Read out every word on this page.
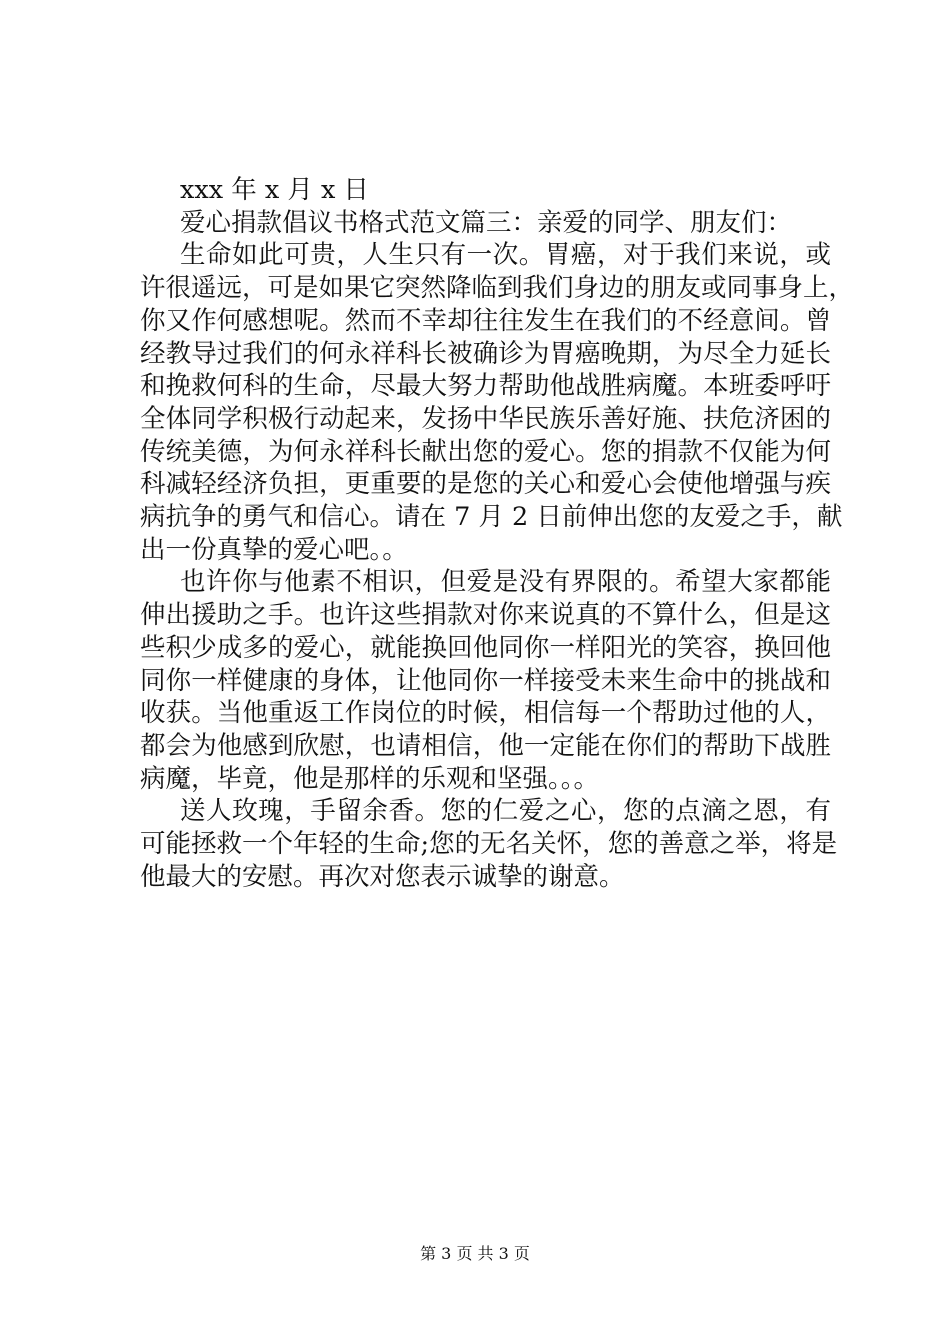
xxx 年 x 月 x 日
爱心捐款倡议书格式范文篇三：亲爱的同学、朋友们：
生命如此可贵，人生只有一次。胃癌，对于我们来说，或
许很遥远，可是如果它突然降临到我们身边的朋友或同事身上，
你又作何感想呢。然而不幸却往往发生在我们的不经意间。曾
经教导过我们的何永祥科长被确诊为胃癌晚期，为尽全力延长
和挽救何科的生命，尽最大努力帮助他战胜病魔。本班委呼吁
全体同学积极行动起来，发扬中华民族乐善好施、扶危济困的
传统美德，为何永祥科长献出您的爱心。您的捐款不仅能为何
科减轻经济负担，更重要的是您的关心和爱心会使他增强与疾
病抗争的勇气和信心。请在 7 月 2 日前伸出您的友爱之手，献
出一份真挚的爱心吧。。
也许你与他素不相识，但爱是没有界限的。希望大家都能
伸出援助之手。也许这些捐款对你来说真的不算什么，但是这
些积少成多的爱心，就能换回他同你一样阳光的笑容，换回他
同你一样健康的身体，让他同你一样接受未来生命中的挑战和
收获。当他重返工作岗位的时候，相信每一个帮助过他的人，
都会为他感到欣慰，也请相信，他一定能在你们的帮助下战胜
病魔，毕竟，他是那样的乐观和坚强。。。
送人玫瑰，手留余香。您的仁爱之心，您的点滴之恩，有
可能拯救一个年轻的生命;您的无名关怀，您的善意之举，将是
他最大的安慰。再次对您表示诚挚的谢意。
第 3 页 共 3 页
